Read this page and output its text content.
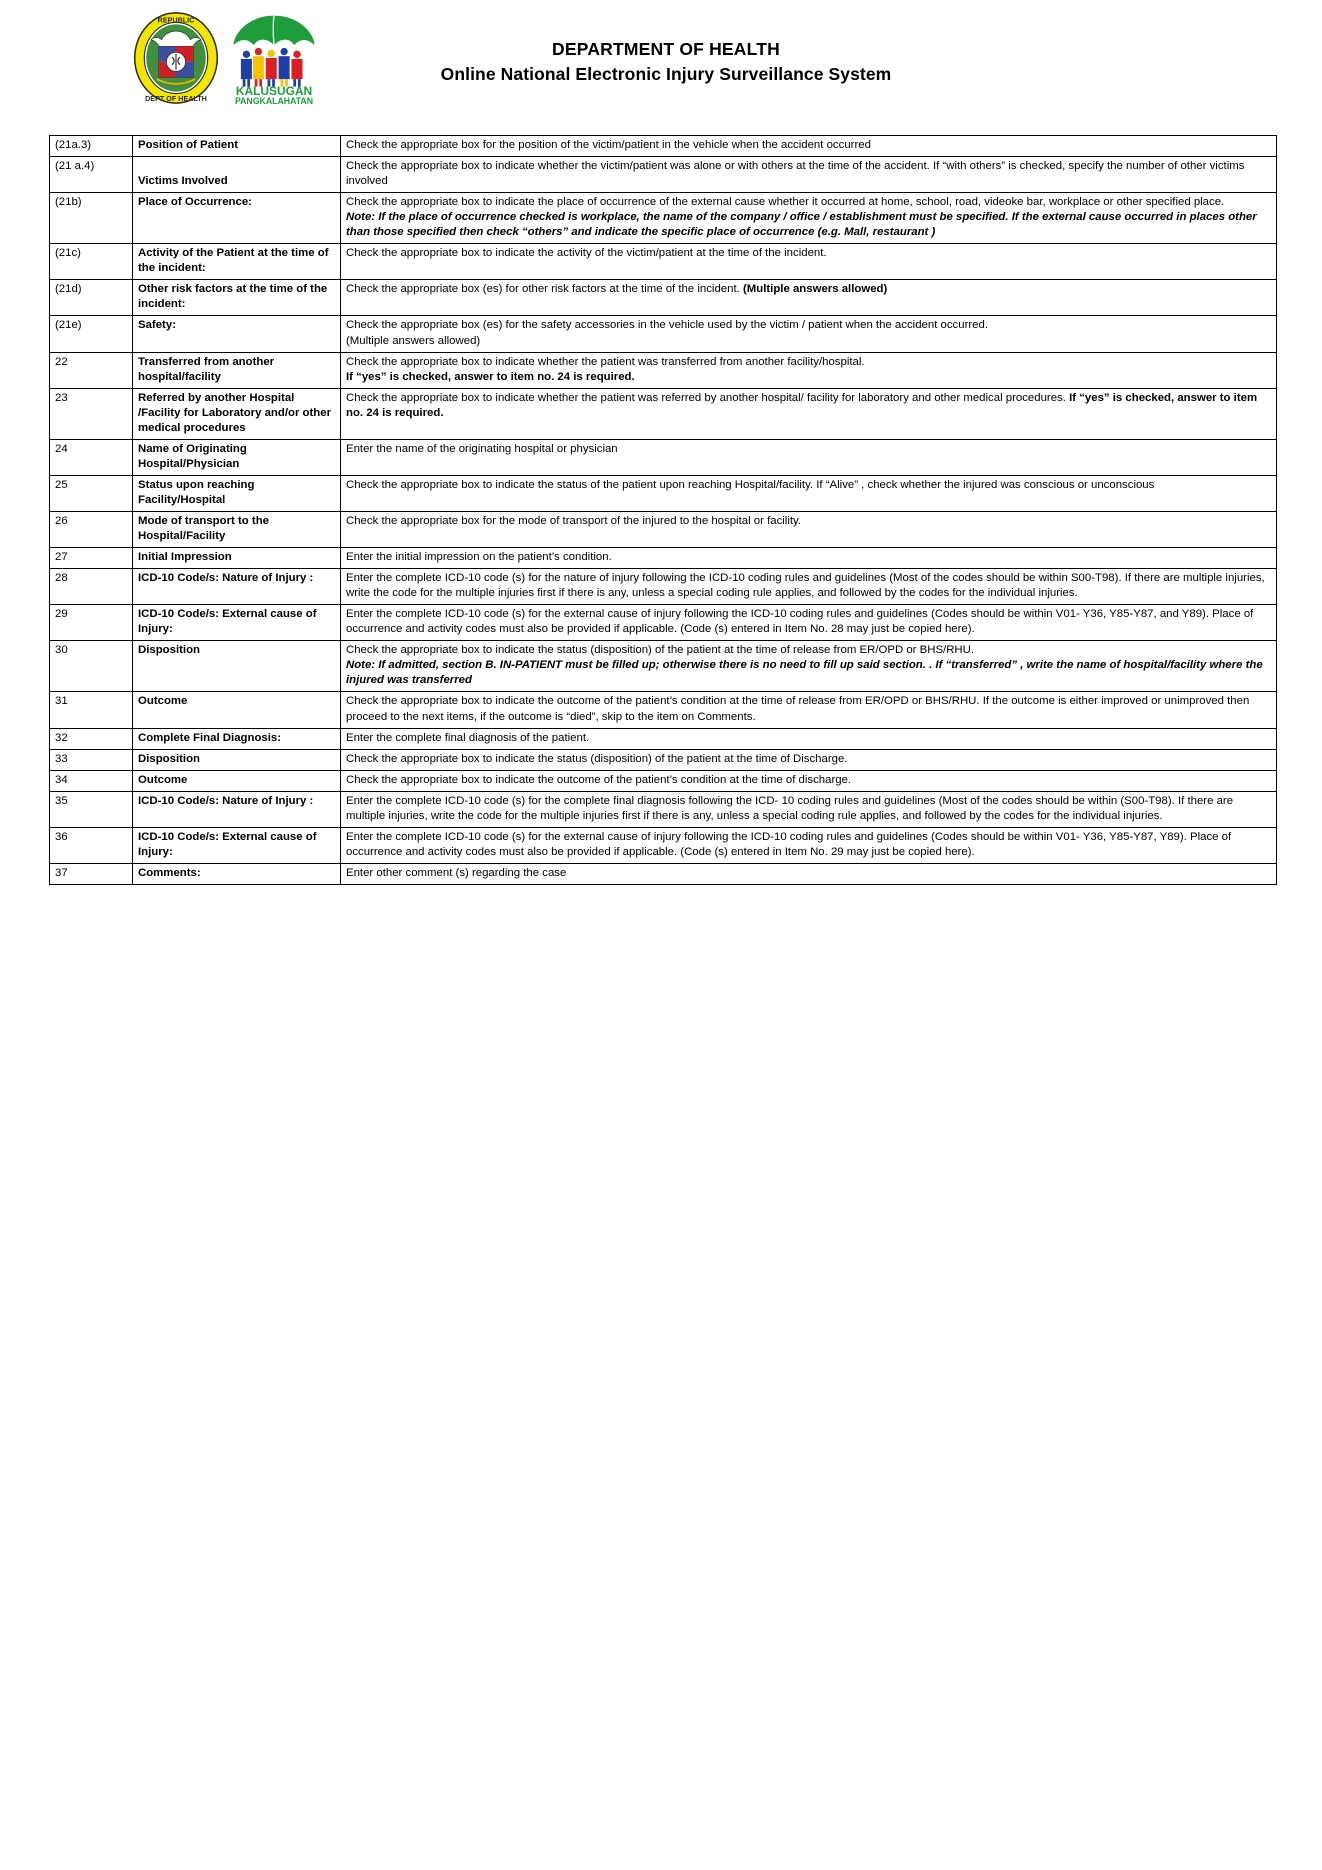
REPUBLIC
DEPT OF HEALTH
KALUSUGAN
PANGKALAHATAN
DEPARTMENT OF HEALTH
Online National Electronic Injury Surveillance System
(21a.3)	Position of Patient	Check the appropriate box for the position of the victim/patient in the vehicle when the accident occurred

(21 a.4)	Victims Involved	Check the appropriate box to indicate whether the victim/patient was alone or with others at the time of the accident. If “with others” is checked, specify the number of other victims involved

(21b)	Place of Occurrence:	Check the appropriate box to indicate the place of occurrence of the external cause whether it occurred at home, school, road, videoke bar, workplace or other specified place.
Note: If the place of occurrence checked is workplace, the name of the company / office / establishment must be specified. If the external cause occurred in places other than those specified then check “others” and indicate the specific place of occurrence (e.g. Mall, restaurant )

(21c)	Activity of the Patient at the time of the incident:	Check the appropriate box to indicate the activity of the victim/patient at the time of the incident.

(21d)	Other risk factors at the time of the incident:	Check the appropriate box (es) for other risk factors at the time of the incident. (Multiple answers allowed)

(21e)	Safety:	Check the appropriate box (es) for the safety accessories in the vehicle used by the victim / patient when the accident occurred.
(Multiple answers allowed)

22	Transferred from another hospital/facility	Check the appropriate box to indicate whether the patient was transferred from another facility/hospital.
If “yes” is checked, answer to item no. 24 is required.

23	Referred by another Hospital /Facility for Laboratory and/or other medical procedures	Check the appropriate box to indicate whether the patient was referred by another hospital/ facility for laboratory and other medical procedures. If “yes” is checked, answer to item no. 24 is required.

24	Name of Originating Hospital/Physician	Enter the name of the originating hospital or physician

25	Status upon reaching Facility/Hospital	Check the appropriate box to indicate the status of the patient upon reaching Hospital/facility. If “Alive” , check whether the injured was conscious or unconscious

26	Mode of transport to the Hospital/Facility	Check the appropriate box for the mode of transport of the injured to the hospital or facility.

27	Initial Impression	Enter the initial impression on the patient’s condition.

28	ICD-10 Code/s: Nature of Injury :	Enter the complete ICD-10 code (s) for the nature of injury following the ICD-10 coding rules and guidelines (Most of the codes should be within S00-T98). If there are multiple injuries, write the code for the multiple injuries first if there is any, unless a special coding rule applies, and followed by the codes for the individual injuries.

29	ICD-10 Code/s: External cause of Injury:	Enter the complete ICD-10 code (s) for the external cause of injury following the ICD-10 coding rules and guidelines (Codes should be within V01- Y36, Y85-Y87, and Y89). Place of occurrence and activity codes must also be provided if applicable. (Code (s) entered in Item No. 28 may just be copied here).

30	Disposition	Check the appropriate box to indicate the status (disposition) of the patient at the time of release from ER/OPD or BHS/RHU.
Note: If admitted, section B. IN-PATIENT must be filled up; otherwise there is no need to fill up said section. . If “transferred” , write the name of hospital/facility where the injured was transferred

31	Outcome	Check the appropriate box to indicate the outcome of the patient’s condition at the time of release from ER/OPD or BHS/RHU. If the outcome is either improved or unimproved then proceed to the next items, if the outcome is “died”, skip to the item on Comments.

32	Complete Final Diagnosis:	Enter the complete final diagnosis of the patient.

33	Disposition	Check the appropriate box to indicate the status (disposition) of the patient at the time of Discharge.

34	Outcome	Check the appropriate box to indicate the outcome of the patient’s condition at the time of discharge.

35	ICD-10 Code/s: Nature of Injury :	Enter the complete ICD-10 code (s) for the complete final diagnosis following the ICD- 10 coding rules and guidelines (Most of the codes should be within (S00-T98). If there are multiple injuries, write the code for the multiple injuries first if there is any, unless a special coding rule applies, and followed by the codes for the individual injuries.

36	ICD-10 Code/s: External cause of Injury:	Enter the complete ICD-10 code (s) for the external cause of injury following the ICD-10 coding rules and guidelines (Codes should be within V01- Y36, Y85-Y87, Y89). Place of occurrence and activity codes must also be provided if applicable. (Code (s) entered in Item No. 29 may just be copied here).

37	Comments:	Enter other comment (s) regarding the case
